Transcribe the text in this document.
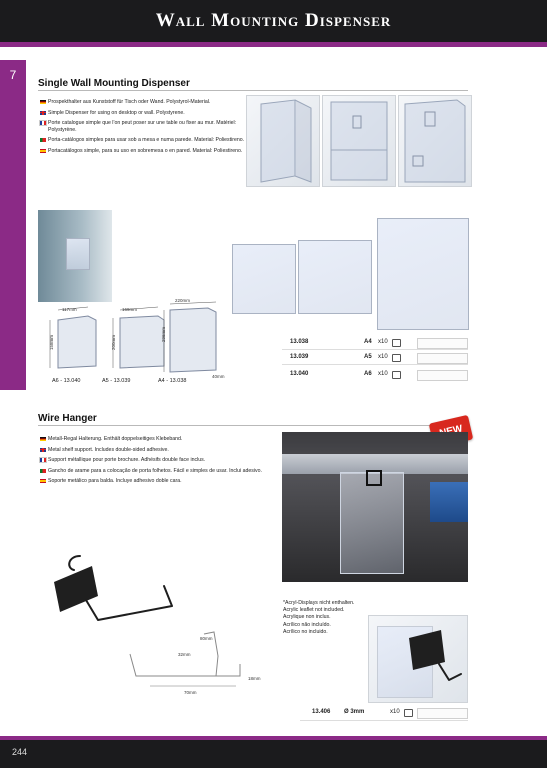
Wall Mounting Dispenser
7
Single Wall Mounting Dispenser
Prospekthalter aus Kunststoff für Tisch oder Wand. Polystyrol-Material.
Simple Dispenser for using on desktop or wall. Polystyrene.
Porte catalogue simple que l'on peut poser sur une table ou fixer au mur. Matériel: Polystyrène.
Porta-catálogos simples para usar sob a mesa e numa parede. Material: Poliestireno.
Portacatálogos simple, para su uso en sobremesa o en pared. Material: Poliestireno.
117mm
158mm
169mm
200mm
220mm
296mm
40mm
A6 - 13.040	A5 - 13.039	A4 - 13.038
13.038	A4 x10
13.039	A5 x10
13.040	A6 x10
Wire Hanger
Metall-Regal Halterung. Enthält doppelseitiges Klebeband.
Metal shelf support. Includes double-sided adhesive.
Support métallique pour porte brochure. Adhésifs double face inclus.
Gancho de arame para a colocação de porta folhetos. Fácil e simples de usar. Inclui adesivo.
Soporte metálico para balda. Incluye adhesivo doble cara.
80mm
70mm
32mm
18mm
*Acryl-Displays nicht enthalten.
Acrylic leaflet not included.
Acrylique non inclus.
Acrílico não incluído.
Acrílico no incluido.
13.406 Ø 3mm	x10
244
